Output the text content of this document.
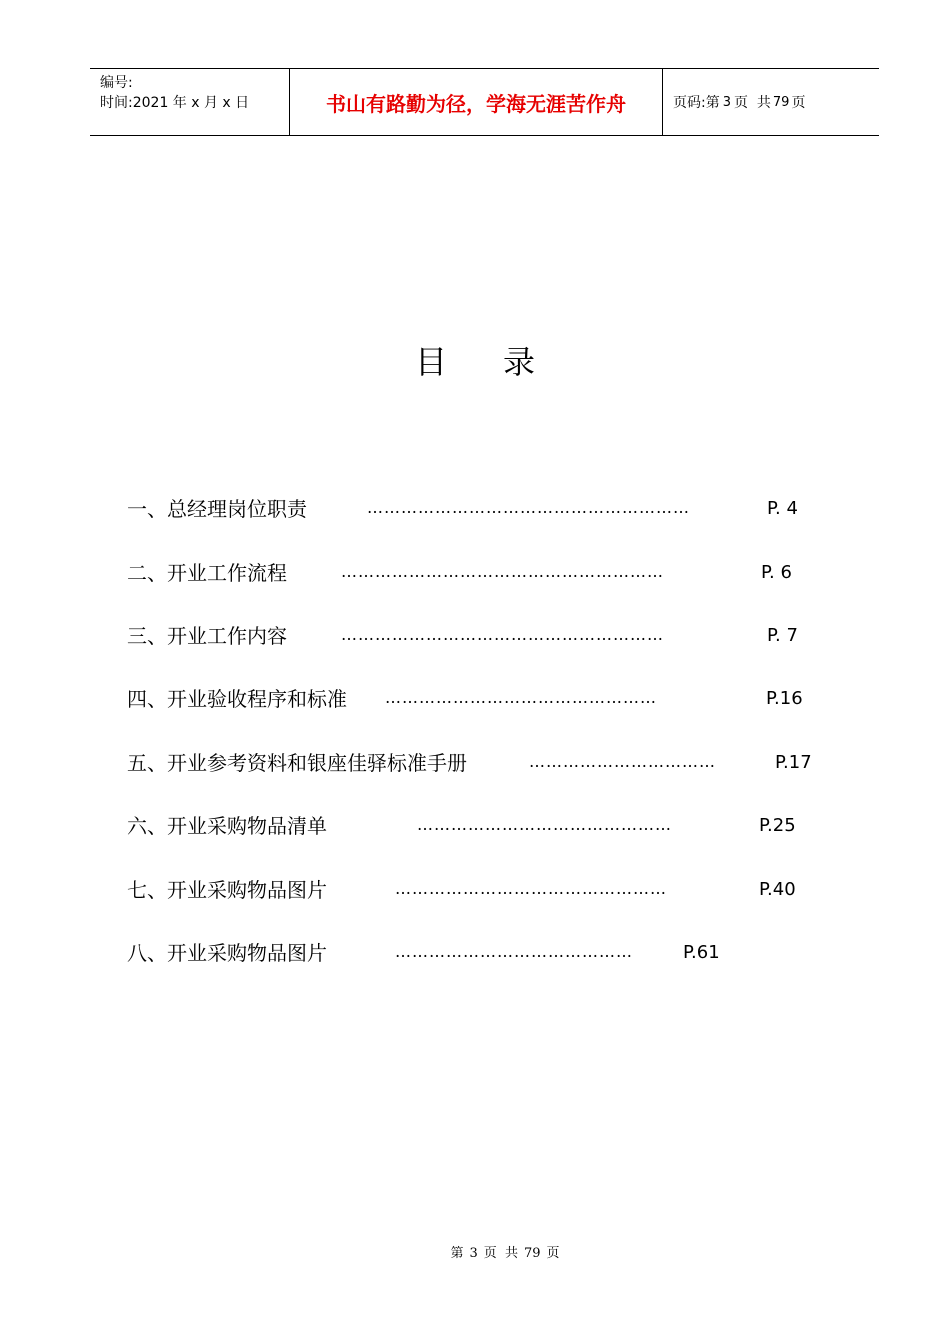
编号:
时间:2021 年 x 月 x 日	书山有路勤为径，学海无涯苦作舟	页码: 第 3 页  共 79 页
目 录
一、总经理岗位职责	…………………………………………………	P. 4
二、开业工作流程	…………………………………………………	P. 6
三、开业工作内容	…………………………………………………	P. 7
四、开业验收程序和标准 …………………………………………	P.16
五、开业参考资料和银座佳驿标准手册	……………………………	P.17
六、开业采购物品清单	………………………………………	P.25
七、开业采购物品图片	…………………………………………	P.40
八、开业采购物品图片	……………………………………	P.61
第 3 页  共 79 页
